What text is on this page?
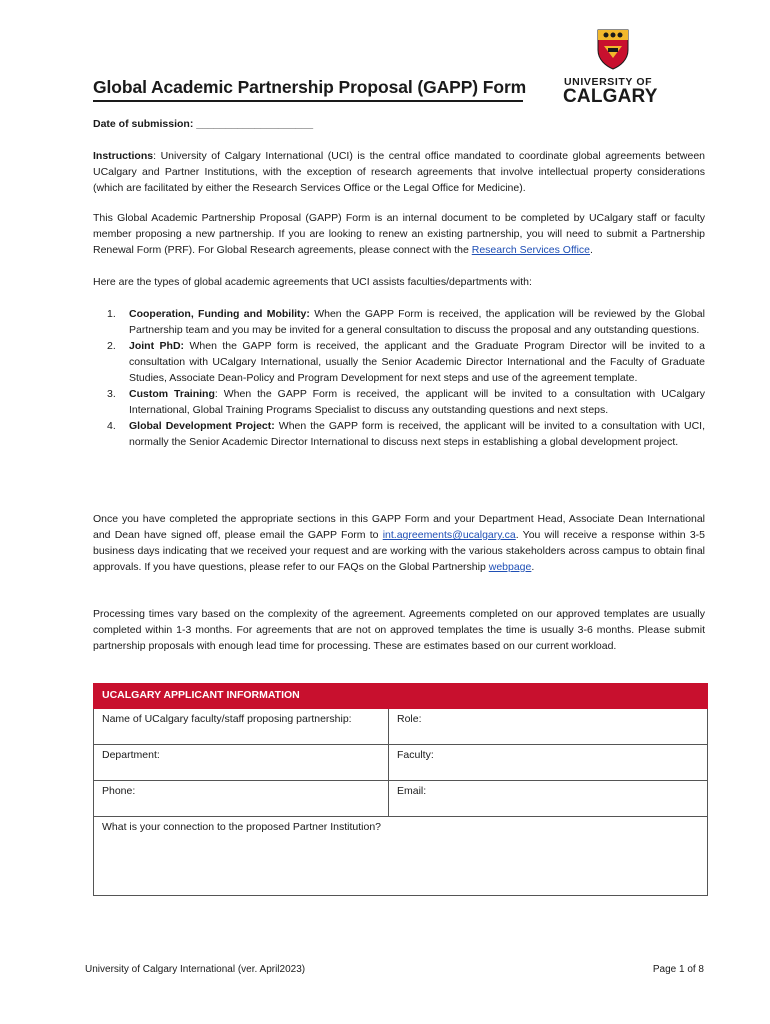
Global Academic Partnership Proposal (GAPP) Form	UNIVERSITY OF
CALGARY
Date of submission: ____________________
Instructions: University of Calgary International (UCI) is the central office mandated to coordinate global agreements between UCalgary and Partner Institutions, with the exception of research agreements that involve intellectual property considerations (which are facilitated by either the Research Services Office or the Legal Office for Medicine).
This Global Academic Partnership Proposal (GAPP) Form is an internal document to be completed by UCalgary staff or faculty member proposing a new partnership. If you are looking to renew an existing partnership, you will need to submit a Partnership Renewal Form (PRF). For Global Research agreements, please connect with the Research Services Office.
Here are the types of global academic agreements that UCI assists faculties/departments with:
1. Cooperation, Funding and Mobility: When the GAPP Form is received, the application will be reviewed by the Global Partnership team and you may be invited for a general consultation to discuss the proposal and any outstanding questions.
2. Joint PhD: When the GAPP form is received, the applicant and the Graduate Program Director will be invited to a consultation with UCalgary International, usually the Senior Academic Director International and the Faculty of Graduate Studies, Associate Dean-Policy and Program Development for next steps and use of the agreement template.
3. Custom Training: When the GAPP Form is received, the applicant will be invited to a consultation with UCalgary International, Global Training Programs Specialist to discuss any outstanding questions and next steps.
4. Global Development Project: When the GAPP form is received, the applicant will be invited to a consultation with UCI, normally the Senior Academic Director International to discuss next steps in establishing a global development project.
Once you have completed the appropriate sections in this GAPP Form and your Department Head, Associate Dean International and Dean have signed off, please email the GAPP Form to int.agreements@ucalgary.ca. You will receive a response within 3-5 business days indicating that we received your request and are working with the various stakeholders across campus to obtain final approvals. If you have questions, please refer to our FAQs on the Global Partnership webpage.
Processing times vary based on the complexity of the agreement. Agreements completed on our approved templates are usually completed within 1-3 months. For agreements that are not on approved templates the time is usually 3-6 months. Please submit partnership proposals with enough lead time for processing. These are estimates based on our current workload.
UCALGARY APPLICANT INFORMATION	
Name of UCalgary faculty/staff proposing partnership:	Role:
Department:	Faculty:
Phone:	Email:
What is your connection to the proposed Partner Institution?	
University of Calgary International (ver. April2023)	Page 1 of 8
